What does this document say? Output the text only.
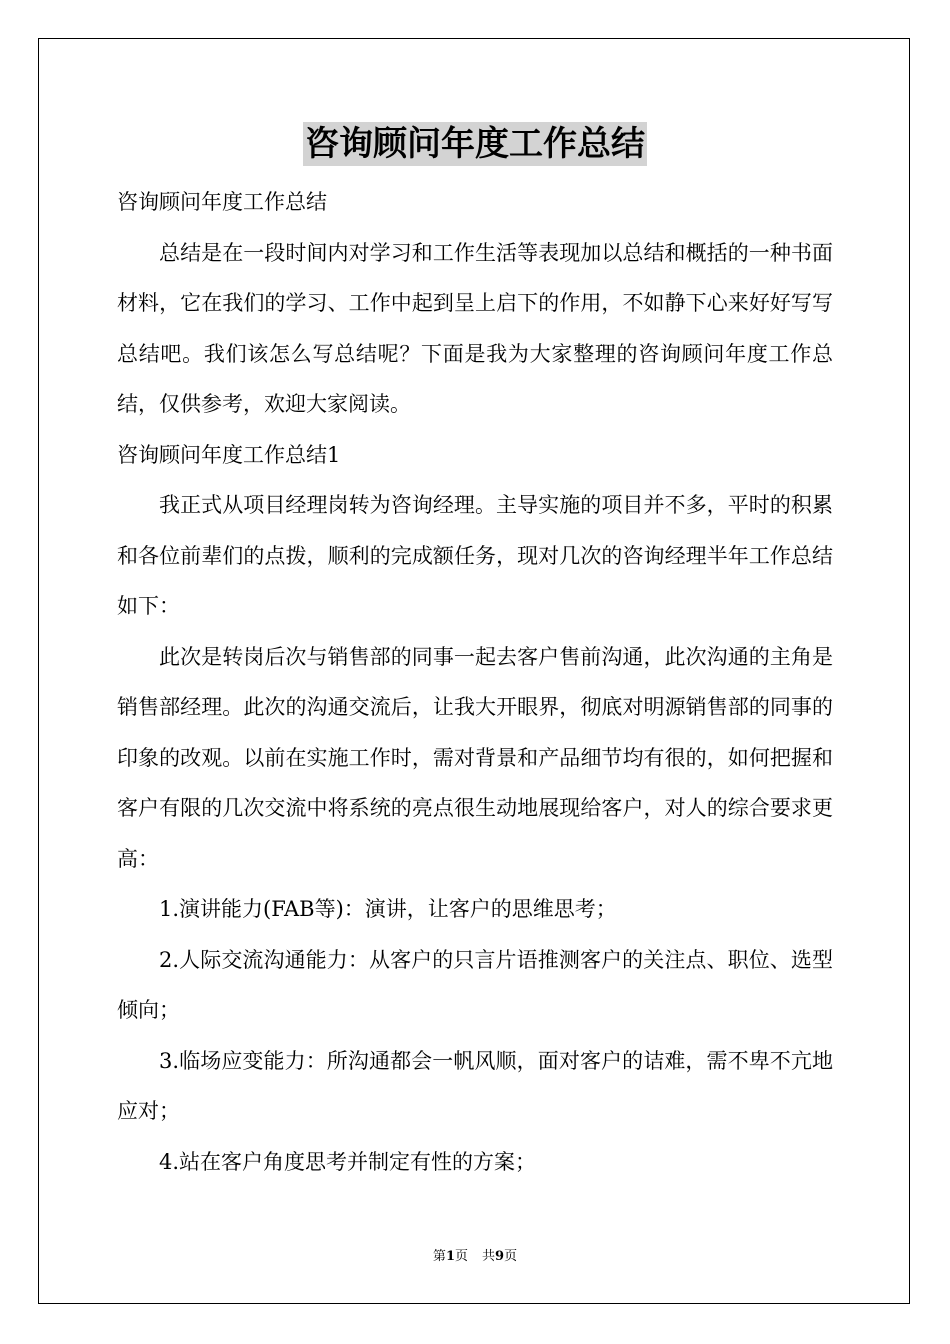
咨询顾问年度工作总结

咨询顾问年度工作总结

总结是在一段时间内对学习和工作生活等表现加以总结和概括的一种书面材料，它在我们的学习、工作中起到呈上启下的作用，不如静下心来好好写写总结吧。我们该怎么写总结呢？下面是我为大家整理的咨询顾问年度工作总结，仅供参考，欢迎大家阅读。

咨询顾问年度工作总结1

我正式从项目经理岗转为咨询经理。主导实施的项目并不多，平时的积累和各位前辈们的点拨，顺利的完成额任务，现对几次的咨询经理半年工作总结如下：

此次是转岗后次与销售部的同事一起去客户售前沟通，此次沟通的主角是销售部经理。此次的沟通交流后，让我大开眼界，彻底对明源销售部的同事的印象的改观。以前在实施工作时，需对背景和产品细节均有很的，如何把握和客户有限的几次交流中将系统的亮点很生动地展现给客户，对人的综合要求更高：

1.演讲能力(FAB等)：演讲，让客户的思维思考；

2.人际交流沟通能力：从客户的只言片语推测客户的关注点、职位、选型倾向；

3.临场应变能力：所沟通都会一帆风顺，面对客户的诘难，需不卑不亢地应对；

4.站在客户角度思考并制定有性的方案；

第1页 共9页
